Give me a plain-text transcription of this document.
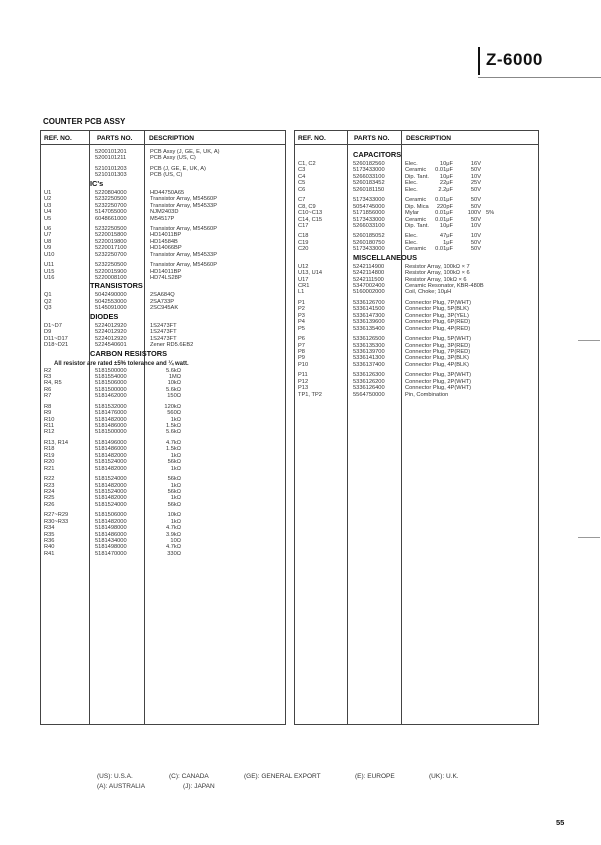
Z-6000
COUNTER PCB ASSY
REF. NO.	PARTS NO.	DESCRIPTION	REF. NO.	PARTS NO.	DESCRIPTION
5200101201	PCB Assy (J, GE, E, UK, A)
5200101211	PCB Assy (US, C)
5210101203	PCB (J, GE, E, UK, A)
5210101303	PCB (US, C)
IC's
U1	5220804000	HD44750A65
U2	5232250500	Transistor Array, M54560P
U3	5232250700	Transistor Array, M54533P
U4	5147055000	NJM2403D
U5	6048661000	M54517P
U6	5232250500	Transistor Array, M54560P
U7	5220015800	HD14011BP
U8	5220019800	HD14584B
U9	5220017100	HD14066BP
U10	5232250700	Transistor Array, M54533P
U11	5232250500	Transistor Array, M54560P
U15	5220015900	HD14011BP
U16	5220008100	HD74LS28P
TRANSISTORS
Q1	5042490000	2SA684Q
Q2	5042553000	2SA733P
Q3	5145091000	2SC945AK
DIODES
D1~D7	5224012920	1S2473FT
D9	5224012920	1S2473FT
D11~D17	5224012920	1S2473FT
D18~D21	5224540601	Zener RD5.6EB2
CARBON RESISTORS
All resistor are rated ±5% tolerance and ¼ watt.
R2	5181500000	5.6kΩ
R3	5181554000	1MΩ
R4, R5	5181506000	10kΩ
R6	5181500000	5.6kΩ
R7	5181462000	150Ω
R8	5181532000	120kΩ
R9	5181476000	560Ω
R10	5181482000	1kΩ
R11	5181486000	1.5kΩ
R12	5181500000	5.6kΩ
R13, R14	5181496000	4.7kΩ
R18	5181486000	1.5kΩ
R19	5181482000	1kΩ
R20	5181524000	56kΩ
R21	5181482000	1kΩ
R22	5181524000	56kΩ
R23	5181482000	1kΩ
R24	5181524000	56kΩ
R25	5181482000	1kΩ
R26	5181524000	56kΩ
R27~R29	5181506000	10kΩ
R30~R33	5181482000	1kΩ
R34	5181498000	4.7kΩ
R35	5181486000	3.9kΩ
R36	5181434000	10Ω
R40	5181498000	4.7kΩ
R41	5181470000	330Ω
CAPACITORS
C1, C2	5260182560	Elec.	10μF	16V
C3	5173433000	Ceramic 0.01μF	50V
C4	5266033100	Dip. Tant. 10μF	10V
C5	5260183452	Elec.	22μF	25V
C6	5260181150	Elec.	2.2μF	50V
C7	5173433000	Ceramic 0.01μF	50V
C8, C9	5054745000	Dip. Mica 220pF	50V
C10~C13	5171856000	Mylar	0.01μF	100V 5%
C14, C15	5173433000	Ceramic 0.01μF	50V
C17	5266033100	Dip. Tant. 10μF	10V
C18	5260185052	Elec.	47μF	10V
C19	5260180750	Elec.	1μF	50V
C20	5173433000	Ceramic 0.01μF	50V
MISCELLANEOUS
U12	5242114900	Resistor Array, 100kΩ × 7
U13, U14	5242114800	Resistor Array, 100kΩ × 6
U17	5242111500	Resistor Array, 10kΩ × 6
CR1	5347002400	Ceramic Resonator, KBR-480B
L1	5160002000	Coil, Choke; 10μH
P1	5336126700	Connector Plug, 7P(WHT)
P2	5336141500	Connector Plug, 5P(BLK)
P3	5336147300	Connector Plug, 3P(YEL)
P4	5336139600	Connector Plug, 6P(RED)
P5	5336135400	Connector Plug, 4P(RED)
P6	5336126500	Connector Plug, 5P(WHT)
P7	5336135300	Connector Plug, 3P(RED)
P8	5336139700	Connector Plug, 7P(RED)
P9	5336141300	Connector Plug, 3P(BLK)
P10	5336137400	Connector Plug, 4P(BLK)
P11	5336126300	Connector Plug, 3P(WHT)
P12	5336126200	Connector Plug, 2P(WHT)
P13	5336126400	Connector Plug, 4P(WHT)
TP1, TP2	5564750000	Pin, Combination
(US): U.S.A.	(C): CANADA	(GE): GENERAL EXPORT	(E): EUROPE	(UK): U.K.
(A): AUSTRALIA	(J): JAPAN
55
